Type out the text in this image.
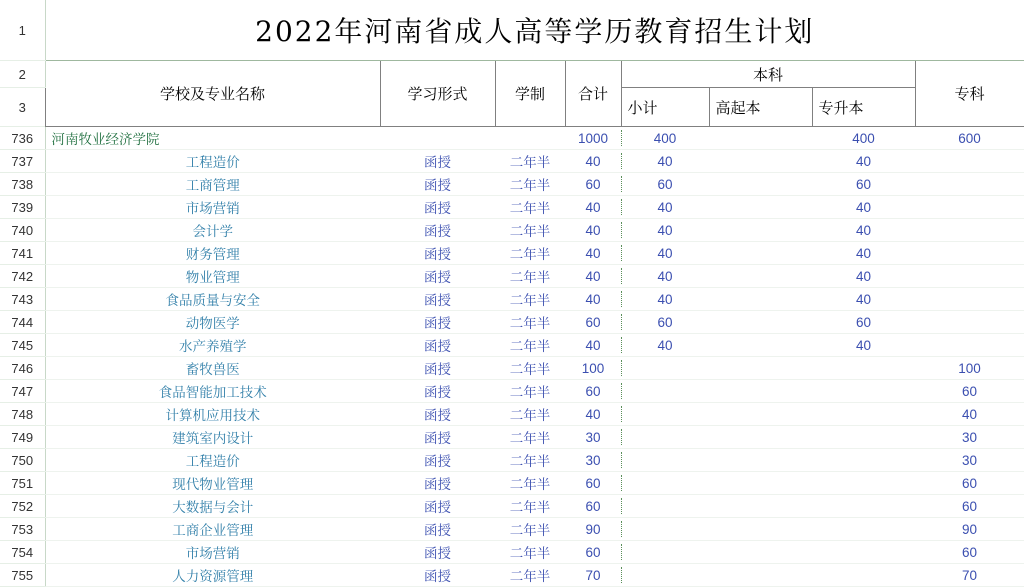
1	2022年河南省成人高等学历教育招生计划							
2	学校及专业名称	学习形式	学制	合计	本科			专科
3					小计	高起本	专升本	
736	河南牧业经济学院			1000	400		400	600
737	工程造价	函授	二年半	40	40		40	
738	工商管理	函授	二年半	60	60		60	
739	市场营销	函授	二年半	40	40		40	
740	会计学	函授	二年半	40	40		40	
741	财务管理	函授	二年半	40	40		40	
742	物业管理	函授	二年半	40	40		40	
743	食品质量与安全	函授	二年半	40	40		40	
744	动物医学	函授	二年半	60	60		60	
745	水产养殖学	函授	二年半	40	40		40	
746	畜牧兽医	函授	二年半	100				100
747	食品智能加工技术	函授	二年半	60				60
748	计算机应用技术	函授	二年半	40				40
749	建筑室内设计	函授	二年半	30				30
750	工程造价	函授	二年半	30				30
751	现代物业管理	函授	二年半	60				60
752	大数据与会计	函授	二年半	60				60
753	工商企业管理	函授	二年半	90				90
754	市场营销	函授	二年半	60				60
755	人力资源管理	函授	二年半	70				70
